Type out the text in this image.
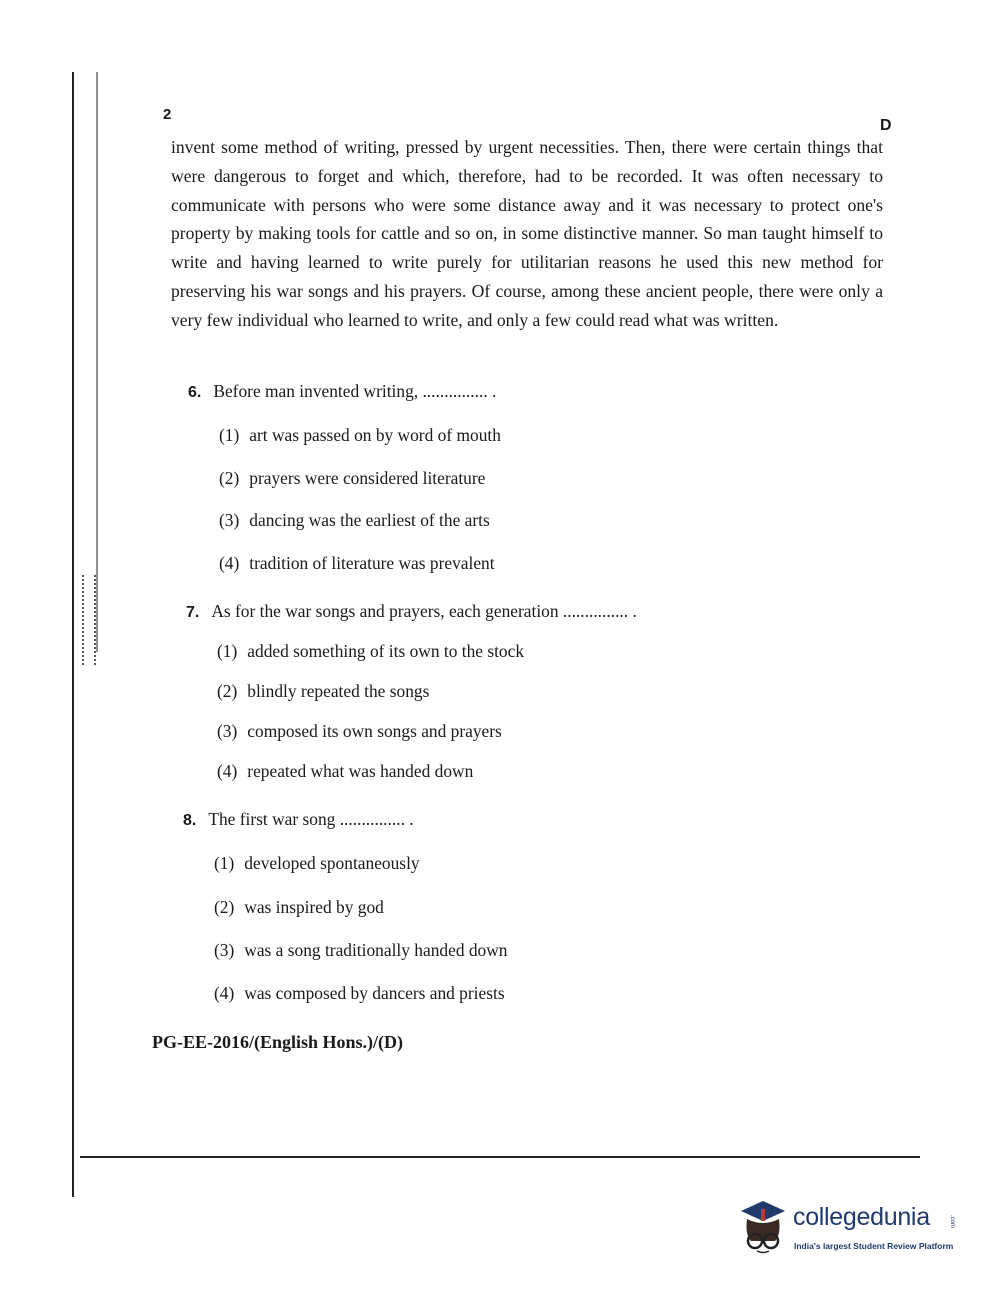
2
D
invent some method of writing, pressed by urgent necessities. Then, there were certain things that were dangerous to forget and which, therefore, had to be recorded. It was often necessary to communicate with persons who were some distance away and it was necessary to protect one's property by making tools for cattle and so on, in some distinctive manner. So man taught himself to write and having learned to write purely for utilitarian reasons he used this new method for preserving his war songs and his prayers. Of course, among these ancient people, there were only a very few individual who learned to write, and only a few could read what was written.
6. Before man invented writing, ............... .
(1) art was passed on by word of mouth
(2) prayers were considered literature
(3) dancing was the earliest of the arts
(4) tradition of literature was prevalent
7. As for the war songs and prayers, each generation ............... .
(1) added something of its own to the stock
(2) blindly repeated the songs
(3) composed its own songs and prayers
(4) repeated what was handed down
8. The first war song ............... .
(1) developed spontaneously
(2) was inspired by god
(3) was a song traditionally handed down
(4) was composed by dancers and priests
PG-EE-2016/(English Hons.)/(D)
collegedunia	.com
India's largest Student Review Platform
